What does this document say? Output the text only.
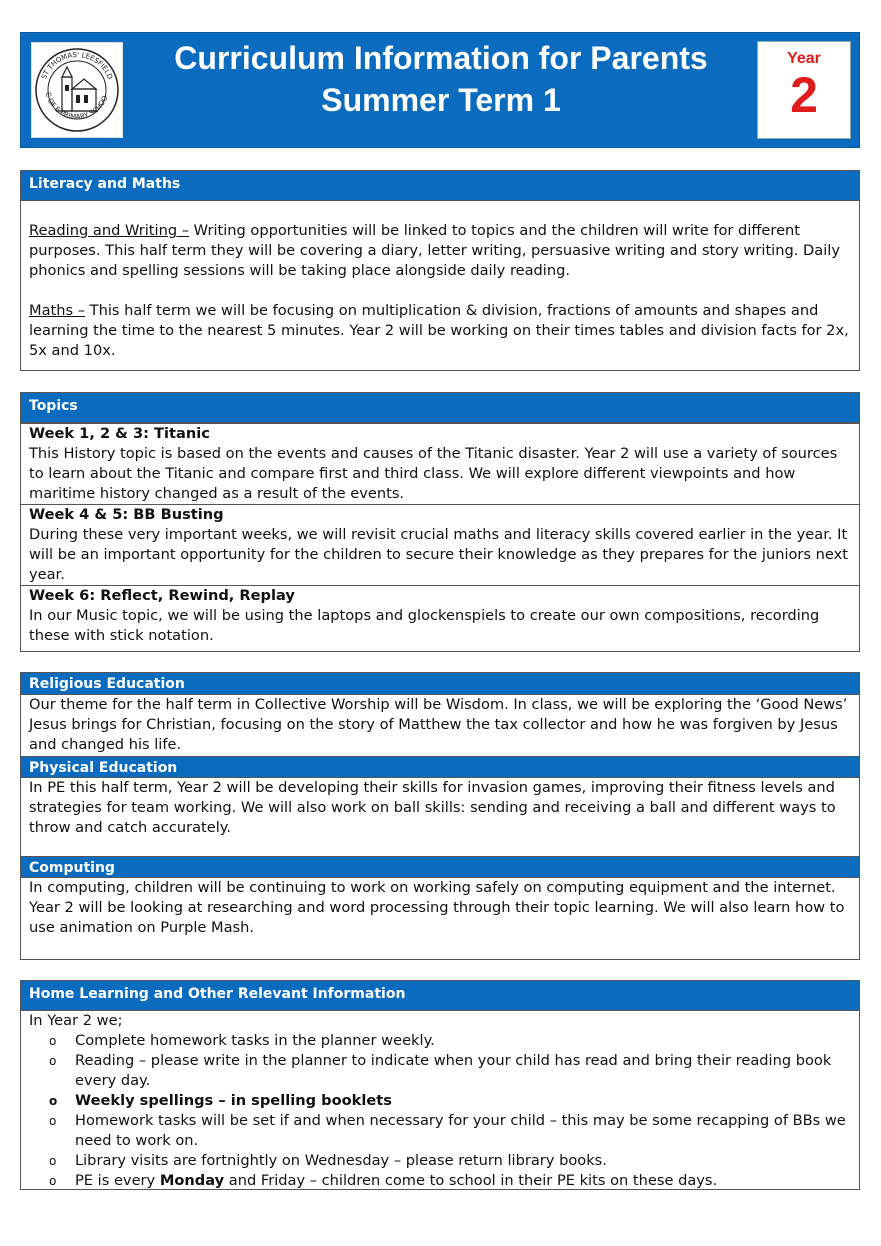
ST THOMAS' LEESFIELD
C OF E PRIMARY SCHOO
Curriculum Information for Parents
Summer Term 1
Year
2
Literacy and Maths
Reading and Writing – Writing opportunities will be linked to topics and the children will write for different purposes. This half term they will be covering a diary, letter writing, persuasive writing and story writing. Daily phonics and spelling sessions will be taking place alongside daily reading.
Maths – This half term we will be focusing on multiplication & division, fractions of amounts and shapes and learning the time to the nearest 5 minutes. Year 2 will be working on their times tables and division facts for 2x, 5x and 10x.
Topics
Week 1, 2 & 3: Titanic
This History topic is based on the events and causes of the Titanic disaster. Year 2 will use a variety of sources to learn about the Titanic and compare first and third class. We will explore different viewpoints and how maritime history changed as a result of the events.
Week 4 & 5: BB Busting
During these very important weeks, we will revisit crucial maths and literacy skills covered earlier in the year. It will be an important opportunity for the children to secure their knowledge as they prepares for the juniors next year.
Week 6: Reflect, Rewind, Replay
In our Music topic, we will be using the laptops and glockenspiels to create our own compositions, recording these with stick notation.
Religious Education
Our theme for the half term in Collective Worship will be Wisdom. In class, we will be exploring the ‘Good News’ Jesus brings for Christian, focusing on the story of Matthew the tax collector and how he was forgiven by Jesus and changed his life.
Physical Education
In PE this half term, Year 2 will be developing their skills for invasion games, improving their fitness levels and strategies for team working. We will also work on ball skills: sending and receiving a ball and different ways to throw and catch accurately.
Computing
In computing, children will be continuing to work on working safely on computing equipment and the internet. Year 2 will be looking at researching and word processing through their topic learning. We will also learn how to use animation on Purple Mash.
Home Learning and Other Relevant Information
In Year 2 we;
o Complete homework tasks in the planner weekly.
o Reading – please write in the planner to indicate when your child has read and bring their reading book every day.
o Weekly spellings – in spelling booklets
o Homework tasks will be set if and when necessary for your child – this may be some recapping of BBs we need to work on.
o Library visits are fortnightly on Wednesday – please return library books.
o PE is every Monday and Friday – children come to school in their PE kits on these days.
